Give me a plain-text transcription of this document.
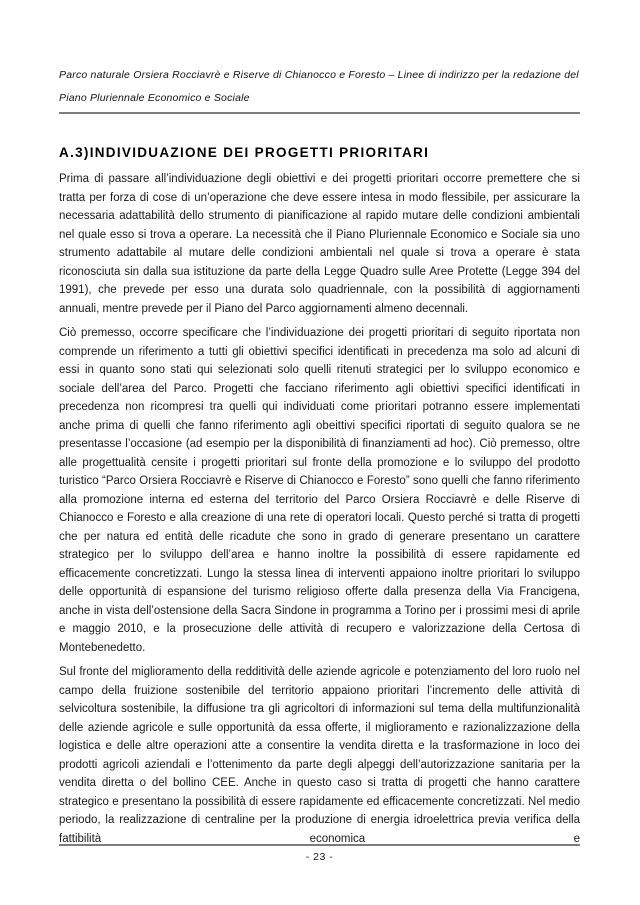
Parco naturale Orsiera Rocciavrè e Riserve di Chianocco e Foresto – Linee di indirizzo per la redazione del
Piano Pluriennale Economico e Sociale
A.3)INDIVIDUAZIONE DEI PROGETTI PRIORITARI

Prima di passare all’individuazione degli obiettivi e dei progetti prioritari occorre premettere che si tratta per forza di cose di un’operazione che deve essere intesa in modo flessibile, per assicurare la necessaria adattabilità dello strumento di pianificazione al rapido mutare delle condizioni ambientali nel quale esso si trova a operare. La necessità che il Piano Pluriennale Economico e Sociale sia uno strumento adattabile al mutare delle condizioni ambientali nel quale si trova a operare è stata riconosciuta sin dalla sua istituzione da parte della Legge Quadro sulle Aree Protette (Legge 394 del 1991), che prevede per esso una durata solo quadriennale, con la possibilità di aggiornamenti annuali, mentre prevede per il Piano del Parco aggiornamenti almeno decennali.

Ciò premesso, occorre specificare che l’individuazione dei progetti prioritari di seguito riportata non comprende un riferimento a tutti gli obiettivi specifici identificati in precedenza ma solo ad alcuni di essi in quanto sono stati qui selezionati solo quelli ritenuti strategici per lo sviluppo economico e sociale dell’area del Parco. Progetti che facciano riferimento agli obiettivi specifici identificati in precedenza non ricompresi tra quelli qui individuati come prioritari potranno essere implementati anche prima di quelli che fanno riferimento agli obeittivi specifici riportati di seguito qualora se ne presentasse l’occasione (ad esempio per la disponibilità di finanziamenti ad hoc). Ciò premesso, oltre alle progettualità censite i progetti prioritari sul fronte della promozione e lo sviluppo del prodotto turistico “Parco Orsiera Rocciavrè e Riserve di Chianocco e Foresto” sono quelli che fanno riferimento alla promozione interna ed esterna del territorio del Parco Orsiera Rocciavrè e delle Riserve di Chianocco e Foresto e alla creazione di una rete di operatori locali. Questo perché si tratta di progetti che per natura ed entità delle ricadute che sono in grado di generare presentano un carattere strategico per lo sviluppo dell’area e hanno inoltre la possibilità di essere rapidamente ed efficacemente concretizzati. Lungo la stessa linea di interventi appaiono inoltre prioritari lo sviluppo delle opportunità di espansione del turismo religioso offerte dalla presenza della Via Francigena, anche in vista dell’ostensione della Sacra Sindone in programma a Torino per i prossimi mesi di aprile e maggio 2010, e la prosecuzione delle attività di recupero e valorizzazione della Certosa di Montebenedetto.

Sul fronte del miglioramento della redditività delle aziende agricole e potenziamento del loro ruolo nel campo della fruizione sostenibile del territorio appaiono prioritari l’incremento delle attività di selvicoltura sostenibile, la diffusione tra gli agricoltori di informazioni sul tema della multifunzionalità delle aziende agricole e sulle opportunità da essa offerte, il miglioramento e razionalizzazione della logistica e delle altre operazioni atte a consentire la vendita diretta e la trasformazione in loco dei prodotti agricoli aziendali e l’ottenimento da parte degli alpeggi dell’autorizzazione sanitaria per la vendita diretta o del bollino CEE. Anche in questo caso si tratta di progetti che hanno carattere strategico e presentano la possibilità di essere rapidamente ed efficacemente concretizzati. Nel medio periodo, la realizzazione di centraline per la produzione di energia idroelettrica previa verifica della fattibilità economica e

- 23 -
